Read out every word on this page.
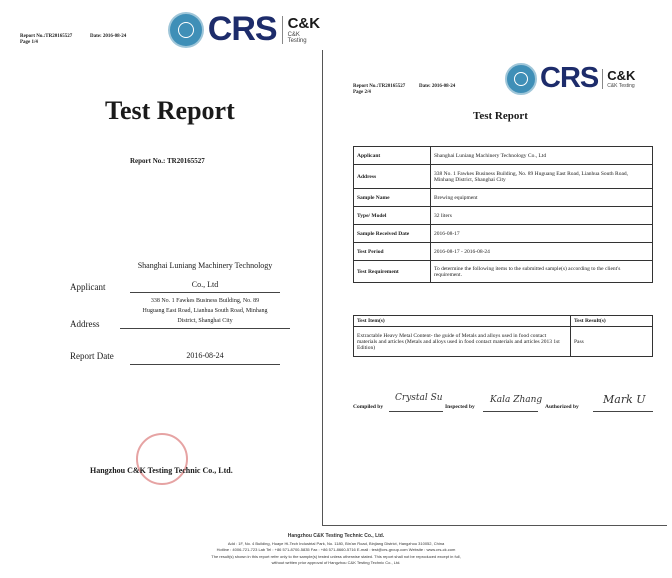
Report No.:TR20165527	Date: 2016-08-24
Page 1/4	CRS C&K
C&K Testing
Test Report
Report No.: TR20165527
Shanghai Luniang Machinery Technology
Applicant	Co., Ltd
338 No. 1 Fawkes Business Building, No. 89
Huguang East Road, Lianhua South Road, Minhang
Address	District, Shanghai City
Report Date	2016-08-24
Hangzhou C&K Testing Technic Co., Ltd.
Report No.:TR20165527	Date: 2016-08-24
Page 2/4	CRS C&K
C&K Testing
Test Report
Applicant	Shanghai Luniang Machinery Technology Co., Ltd
Address	338 No. 1 Fawkes Business Building, No. 89 Huguang East Road, Lianhua South Road, Minhang District, Shanghai City
Sample Name	Brewing equipment
Type/ Model	32 liters
Sample Received Date	2016-08-17
Test Period	2016-08-17 - 2016-08-24
Test Requirement	To determine the following items to the submitted sample(s) according to the client's requirement.
Test Item(s)	Test Result(s)
Extractable Heavy Metal Content- the guide of Metals and alloys used in food contact materials and articles (Metals and alloys used in food contact materials and articles 2013 1st Edition)	Pass
Compiled by
Crystal Su
Inspected by
Kala Zhang
Authorized by
Mark U
Hangzhou C&K Testing Technic Co., Ltd.
Add : 1F, No. 4 Building, Huaye Hi-Tech Industrial Park, No. 1180, Bin'an Road, Binjiang District, Hangzhou 310052, China
Hotline : 4006-721-723 Lab Tel : +86 571-8700-5835 Fax : +86 571-8660-5716 E-mail : test@crs-group.com Website : www.crs-ck.com
The result(s) shown in this report refer only to the sample(s) tested unless otherwise stated. This report shall not be reproduced except in full,
without written prior approval of Hangzhou C&K Testing Technic Co., Ltd.
